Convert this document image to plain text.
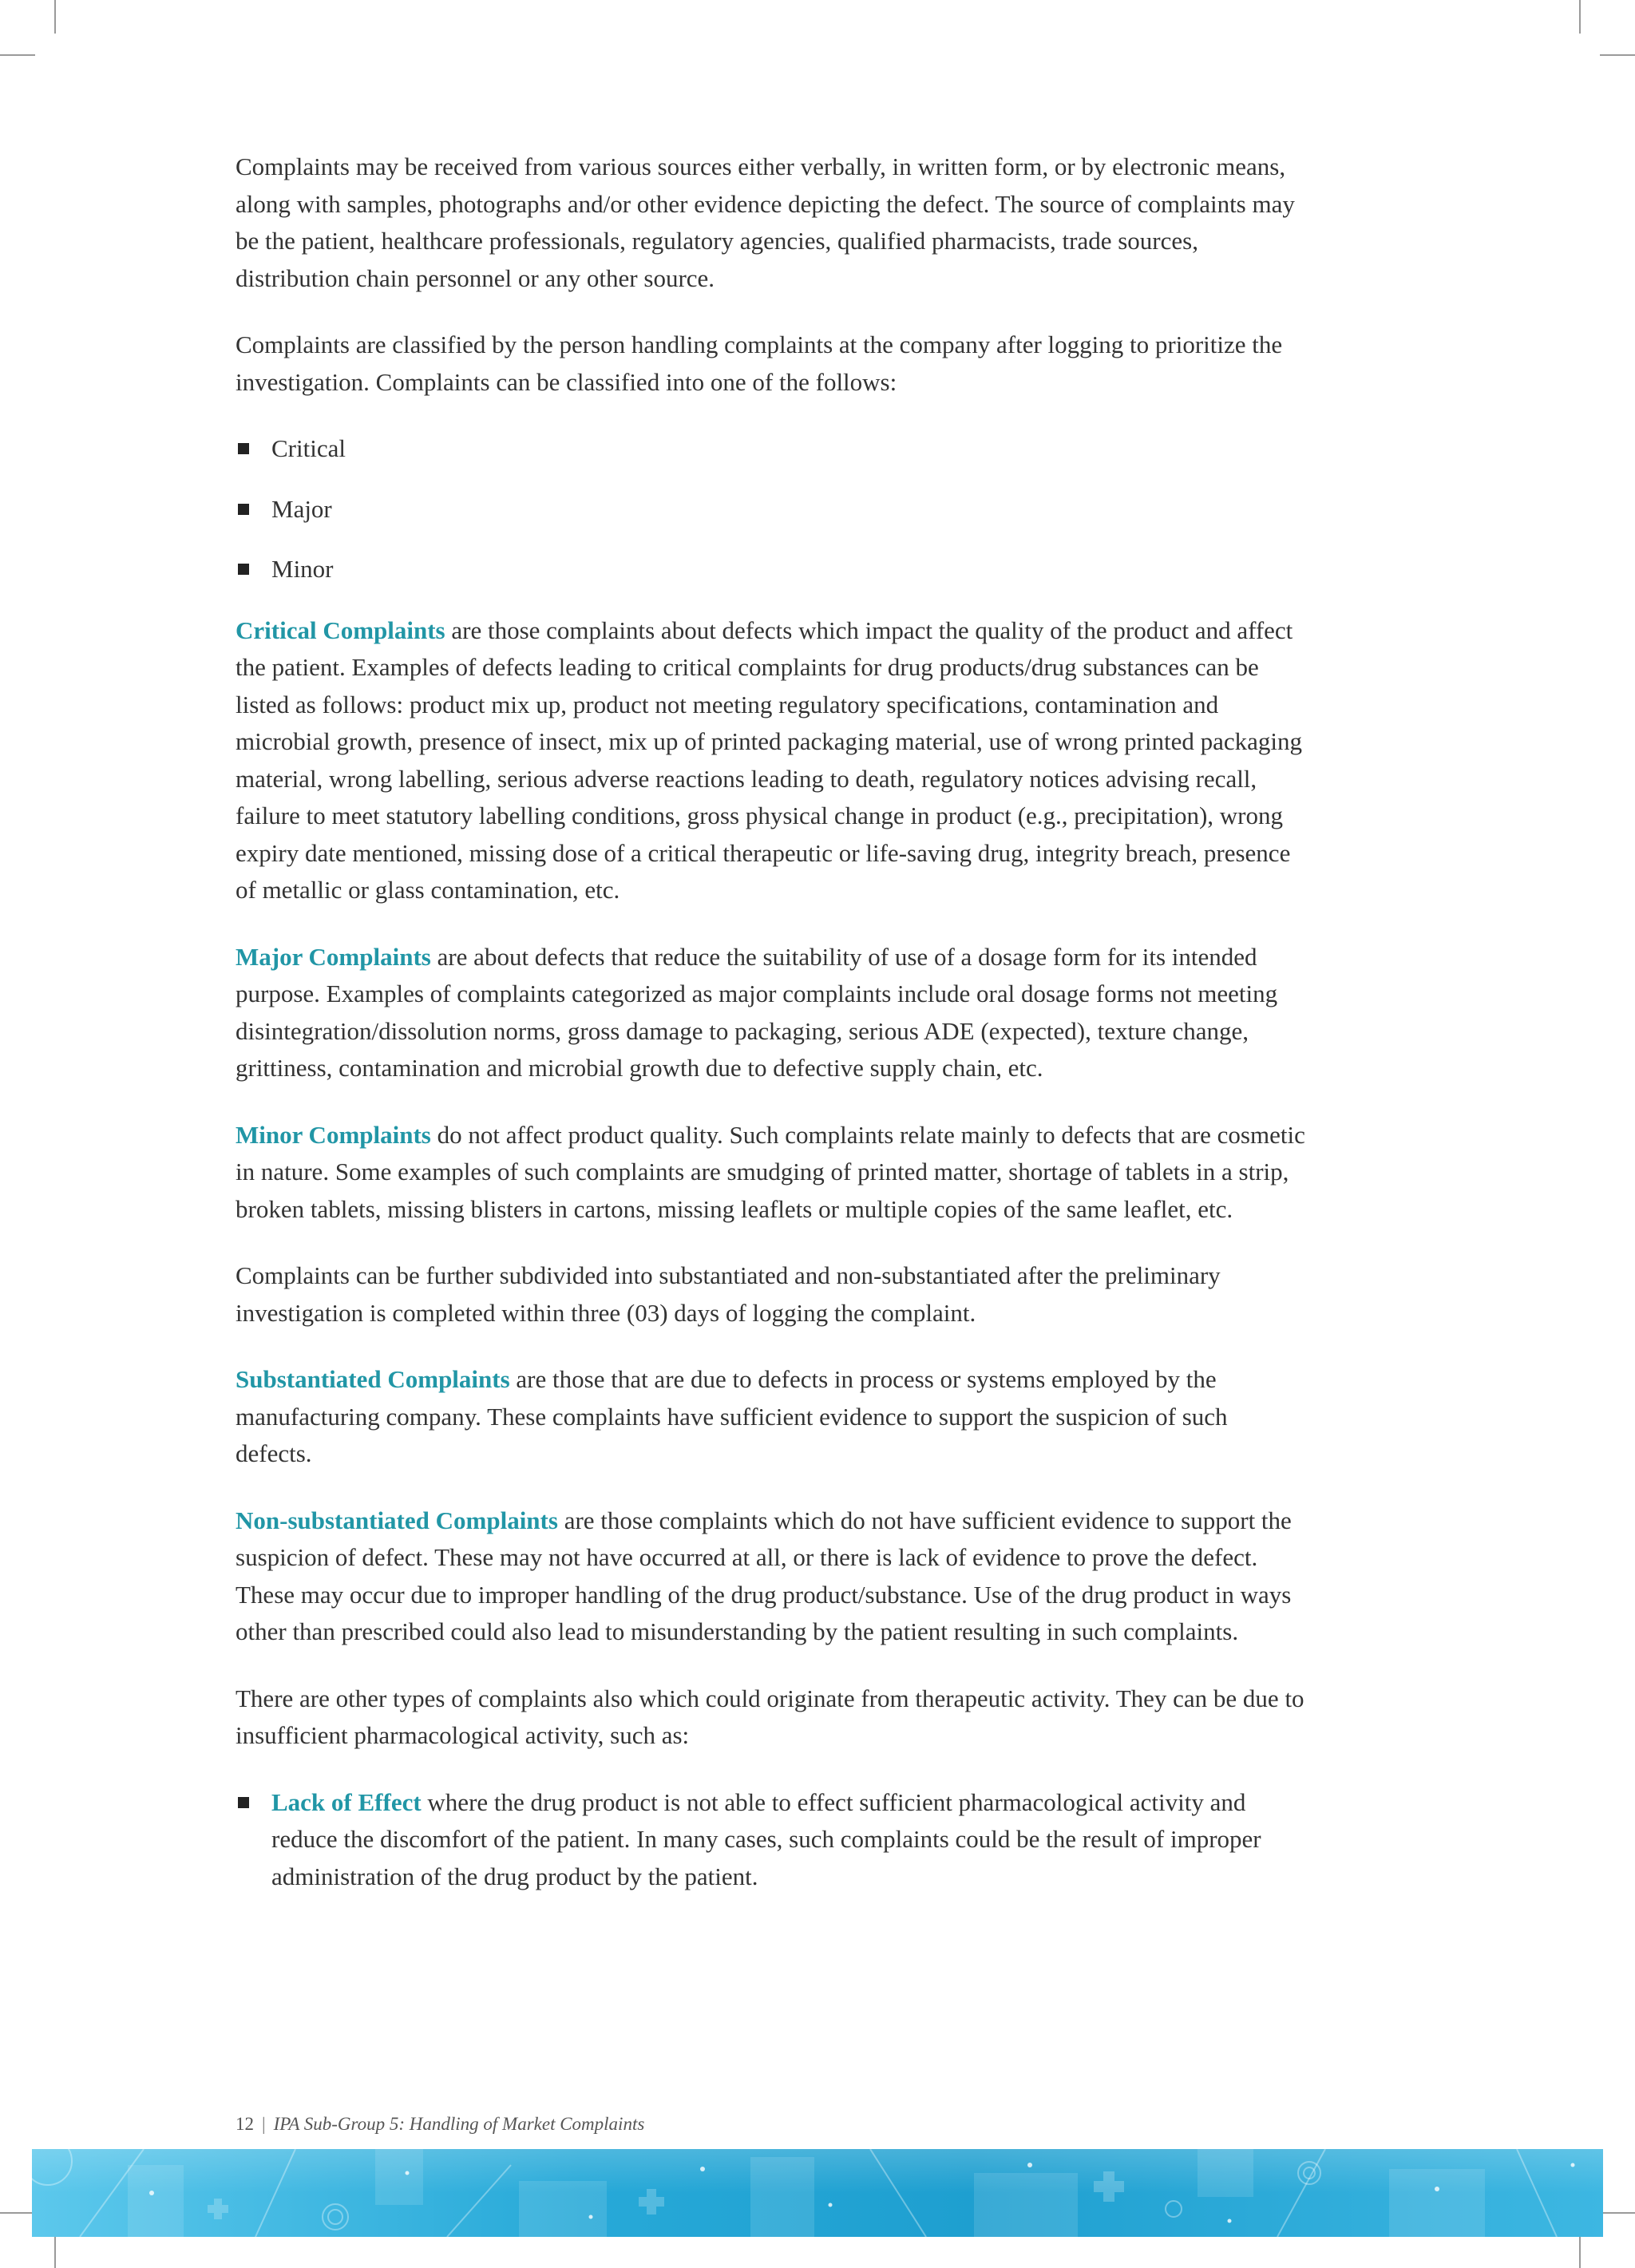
Complaints may be received from various sources either verbally, in written form, or by electronic means, along with samples, photographs and/or other evidence depicting the defect. The source of complaints may be the patient, healthcare professionals, regulatory agencies, qualified pharmacists, trade sources, distribution chain personnel or any other source.

Complaints are classified by the person handling complaints at the company after logging to prioritize the investigation. Complaints can be classified into one of the follows:

Critical
Major
Minor

Critical Complaints are those complaints about defects which impact the quality of the product and affect the patient. Examples of defects leading to critical complaints for drug products/drug substances can be listed as follows: product mix up, product not meeting regulatory specifications, contamination and microbial growth, presence of insect, mix up of printed packaging material, use of wrong printed packaging material, wrong labelling, serious adverse reactions leading to death, regulatory notices advising recall, failure to meet statutory labelling conditions, gross physical change in product (e.g., precipitation), wrong expiry date mentioned, missing dose of a critical therapeutic or life-saving drug, integrity breach, presence of metallic or glass contamination, etc.

Major Complaints are about defects that reduce the suitability of use of a dosage form for its intended purpose. Examples of complaints categorized as major complaints include oral dosage forms not meeting disintegration/dissolution norms, gross damage to packaging, serious ADE (expected), texture change, grittiness, contamination and microbial growth due to defective supply chain, etc.

Minor Complaints do not affect product quality. Such complaints relate mainly to defects that are cosmetic in nature. Some examples of such complaints are smudging of printed matter, shortage of tablets in a strip, broken tablets, missing blisters in cartons, missing leaflets or multiple copies of the same leaflet, etc.

Complaints can be further subdivided into substantiated and non-substantiated after the preliminary investigation is completed within three (03) days of logging the complaint.

Substantiated Complaints are those that are due to defects in process or systems employed by the manufacturing company. These complaints have sufficient evidence to support the suspicion of such defects.

Non-substantiated Complaints are those complaints which do not have sufficient evidence to support the suspicion of defect. These may not have occurred at all, or there is lack of evidence to prove the defect. These may occur due to improper handling of the drug product/substance. Use of the drug product in ways other than prescribed could also lead to misunderstanding by the patient resulting in such complaints.

There are other types of complaints also which could originate from therapeutic activity. They can be due to insufficient pharmacological activity, such as:

Lack of Effect where the drug product is not able to effect sufficient pharmacological activity and reduce the discomfort of the patient. In many cases, such complaints could be the result of improper administration of the drug product by the patient.
12 | IPA Sub-Group 5: Handling of Market Complaints
